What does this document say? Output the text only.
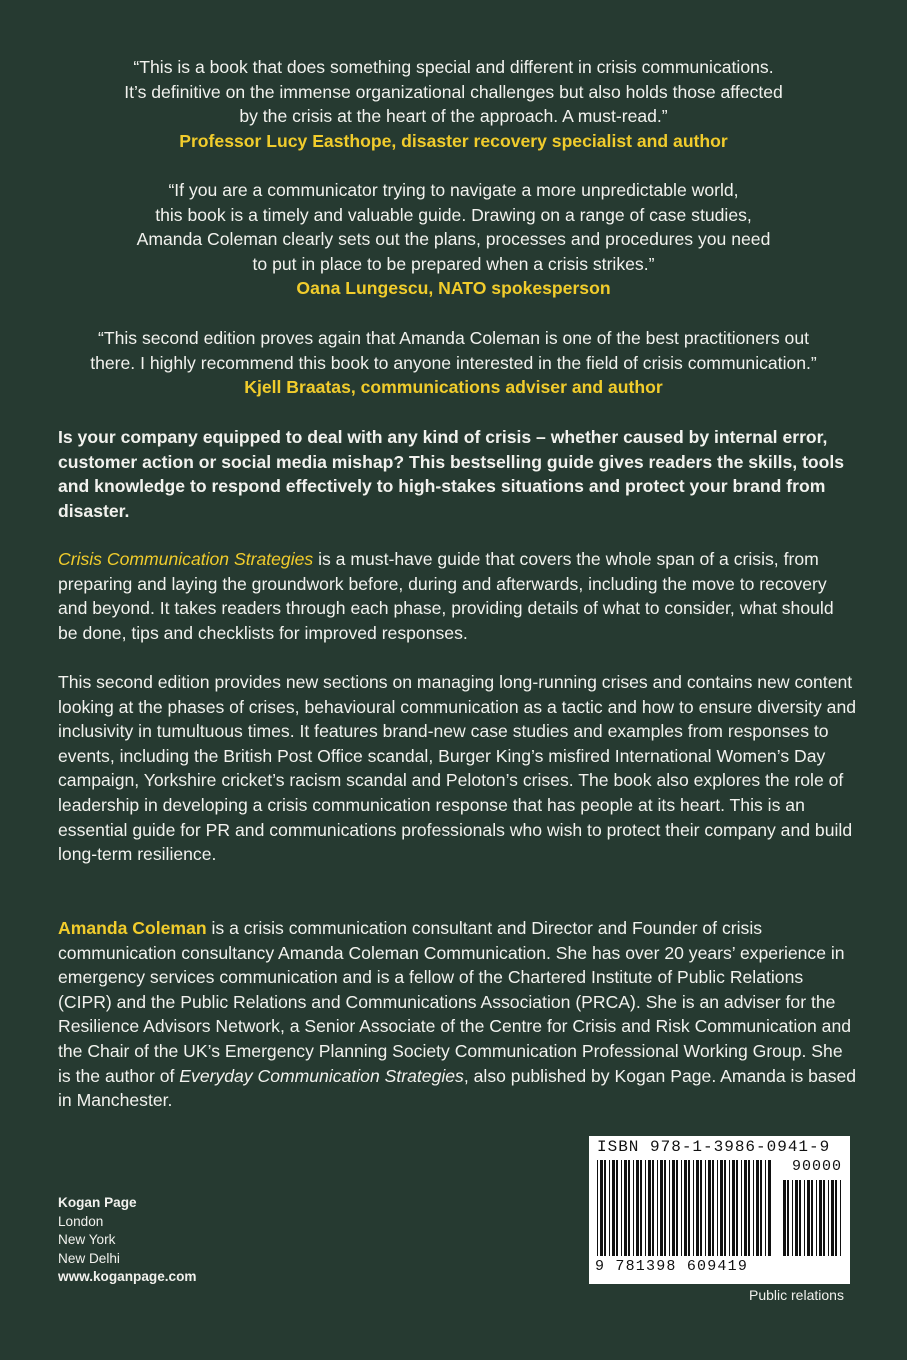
“This is a book that does something special and different in crisis communications.
It’s definitive on the immense organizational challenges but also holds those affected
by the crisis at the heart of the approach. A must-read.”
Professor Lucy Easthope, disaster recovery specialist and author
“If you are a communicator trying to navigate a more unpredictable world,
this book is a timely and valuable guide. Drawing on a range of case studies,
Amanda Coleman clearly sets out the plans, processes and procedures you need
to put in place to be prepared when a crisis strikes.”
Oana Lungescu, NATO spokesperson
“This second edition proves again that Amanda Coleman is one of the best practitioners out
there. I highly recommend this book to anyone interested in the field of crisis communication.”
Kjell Braatas, communications adviser and author
Is your company equipped to deal with any kind of crisis – whether caused by internal error, customer action or social media mishap? This bestselling guide gives readers the skills, tools and knowledge to respond effectively to high-stakes situations and protect your brand from disaster.
Crisis Communication Strategies is a must-have guide that covers the whole span of a crisis, from preparing and laying the groundwork before, during and afterwards, including the move to recovery and beyond. It takes readers through each phase, providing details of what to consider, what should be done, tips and checklists for improved responses.
This second edition provides new sections on managing long-running crises and contains new content looking at the phases of crises, behavioural communication as a tactic and how to ensure diversity and inclusivity in tumultuous times. It features brand-new case studies and examples from responses to events, including the British Post Office scandal, Burger King’s misfired International Women’s Day campaign, Yorkshire cricket’s racism scandal and Peloton’s crises. The book also explores the role of leadership in developing a crisis communication response that has people at its heart. This is an essential guide for PR and communications professionals who wish to protect their company and build long-term resilience.
Amanda Coleman is a crisis communication consultant and Director and Founder of crisis communication consultancy Amanda Coleman Communication. She has over 20 years’ experience in emergency services communication and is a fellow of the Chartered Institute of Public Relations (CIPR) and the Public Relations and Communications Association (PRCA). She is an adviser for the Resilience Advisors Network, a Senior Associate of the Centre for Crisis and Risk Communication and the Chair of the UK’s Emergency Planning Society Communication Professional Working Group. She is the author of Everyday Communication Strategies, also published by Kogan Page. Amanda is based in Manchester.
Kogan Page
London
New York
New Delhi
www.koganpage.com
ISBN 978-1-3986-0941-9
90000
9 781398 609419
Public relations
